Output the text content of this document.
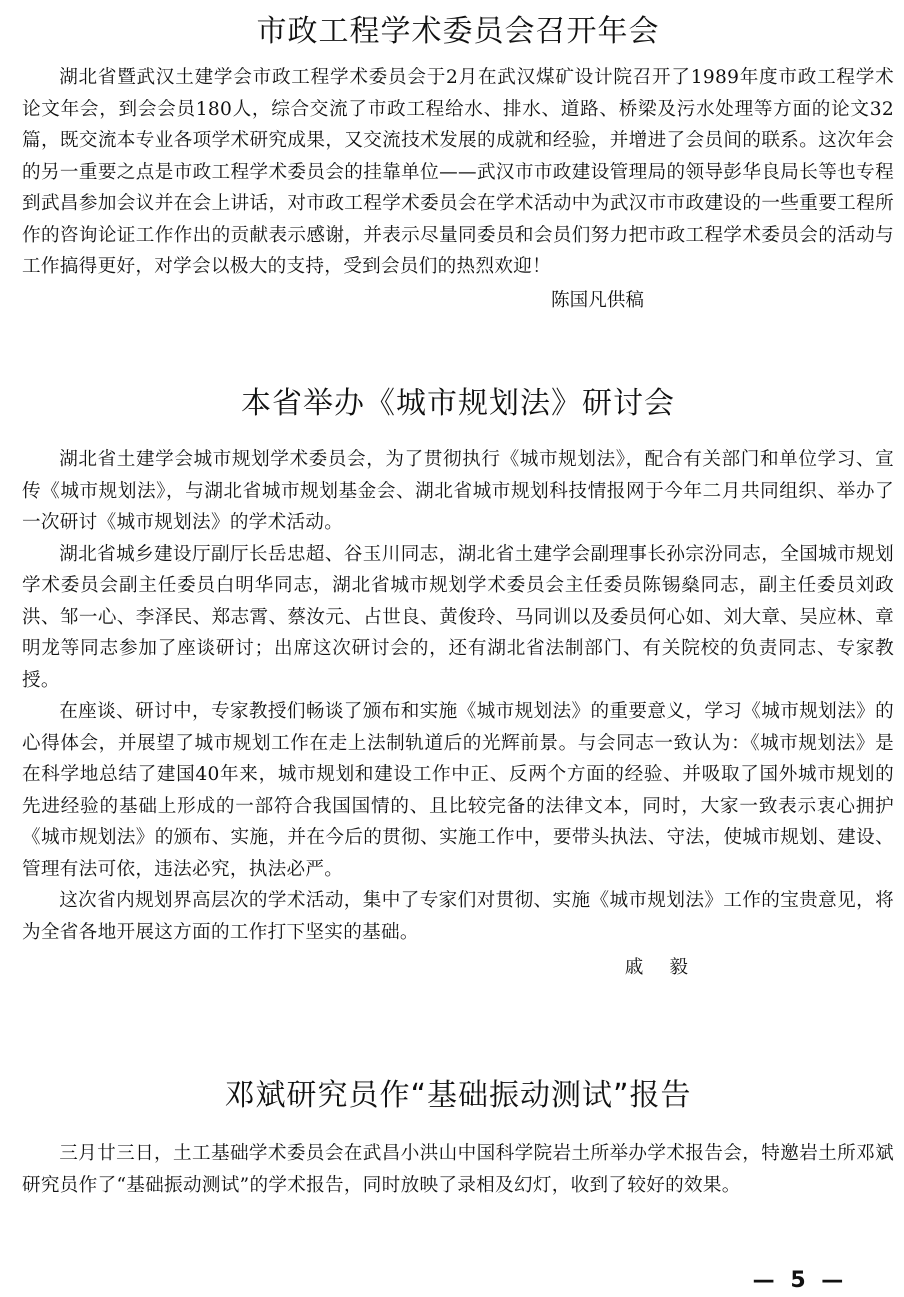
市政工程学术委员会召开年会

湖北省暨武汉土建学会市政工程学术委员会于2月在武汉煤矿设计院召开了1989年度市政工程学术论文年会，到会会员180人，综合交流了市政工程给水、排水、道路、桥梁及污水处理等方面的论文32篇，既交流本专业各项学术研究成果，又交流技术发展的成就和经验，并增进了会员间的联系。这次年会的另一重要之点是市政工程学术委员会的挂靠单位——武汉市市政建设管理局的领导彭华良局长等也专程到武昌参加会议并在会上讲话，对市政工程学术委员会在学术活动中为武汉市市政建设的一些重要工程所作的咨询论证工作作出的贡献表示感谢，并表示尽量同委员和会员们努力把市政工程学术委员会的活动与工作搞得更好，对学会以极大的支持，受到会员们的热烈欢迎！

陈国凡供稿

本省举办《城市规划法》研讨会

湖北省土建学会城市规划学术委员会，为了贯彻执行《城市规划法》，配合有关部门和单位学习、宣传《城市规划法》，与湖北省城市规划基金会、湖北省城市规划科技情报网于今年二月共同组织、举办了一次研讨《城市规划法》的学术活动。

湖北省城乡建设厅副厅长岳忠超、谷玉川同志，湖北省土建学会副理事长孙宗汾同志，全国城市规划学术委员会副主任委员白明华同志，湖北省城市规划学术委员会主任委员陈锡燊同志，副主任委员刘政洪、邹一心、李泽民、郑志霄、蔡汝元、占世良、黄俊玲、马同训以及委员何心如、刘大章、吴应林、章明龙等同志参加了座谈研讨；出席这次研讨会的，还有湖北省法制部门、有关院校的负责同志、专家教授。

在座谈、研讨中，专家教授们畅谈了颁布和实施《城市规划法》的重要意义，学习《城市规划法》的心得体会，并展望了城市规划工作在走上法制轨道后的光辉前景。与会同志一致认为：《城市规划法》是在科学地总结了建国40年来，城市规划和建设工作中正、反两个方面的经验、并吸取了国外城市规划的先进经验的基础上形成的一部符合我国国情的、且比较完备的法律文本，同时，大家一致表示衷心拥护《城市规划法》的颁布、实施，并在今后的贯彻、实施工作中，要带头执法、守法，使城市规划、建设、管理有法可依，违法必究，执法必严。

这次省内规划界高层次的学术活动，集中了专家们对贯彻、实施《城市规划法》工作的宝贵意见，将为全省各地开展这方面的工作打下坚实的基础。

戚毅

邓斌研究员作“基础振动测试”报告

三月廿三日，土工基础学术委员会在武昌小洪山中国科学院岩土所举办学术报告会，特邀岩土所邓斌研究员作了“基础振动测试”的学术报告，同时放映了录相及幻灯，收到了较好的效果。

— 5 —
